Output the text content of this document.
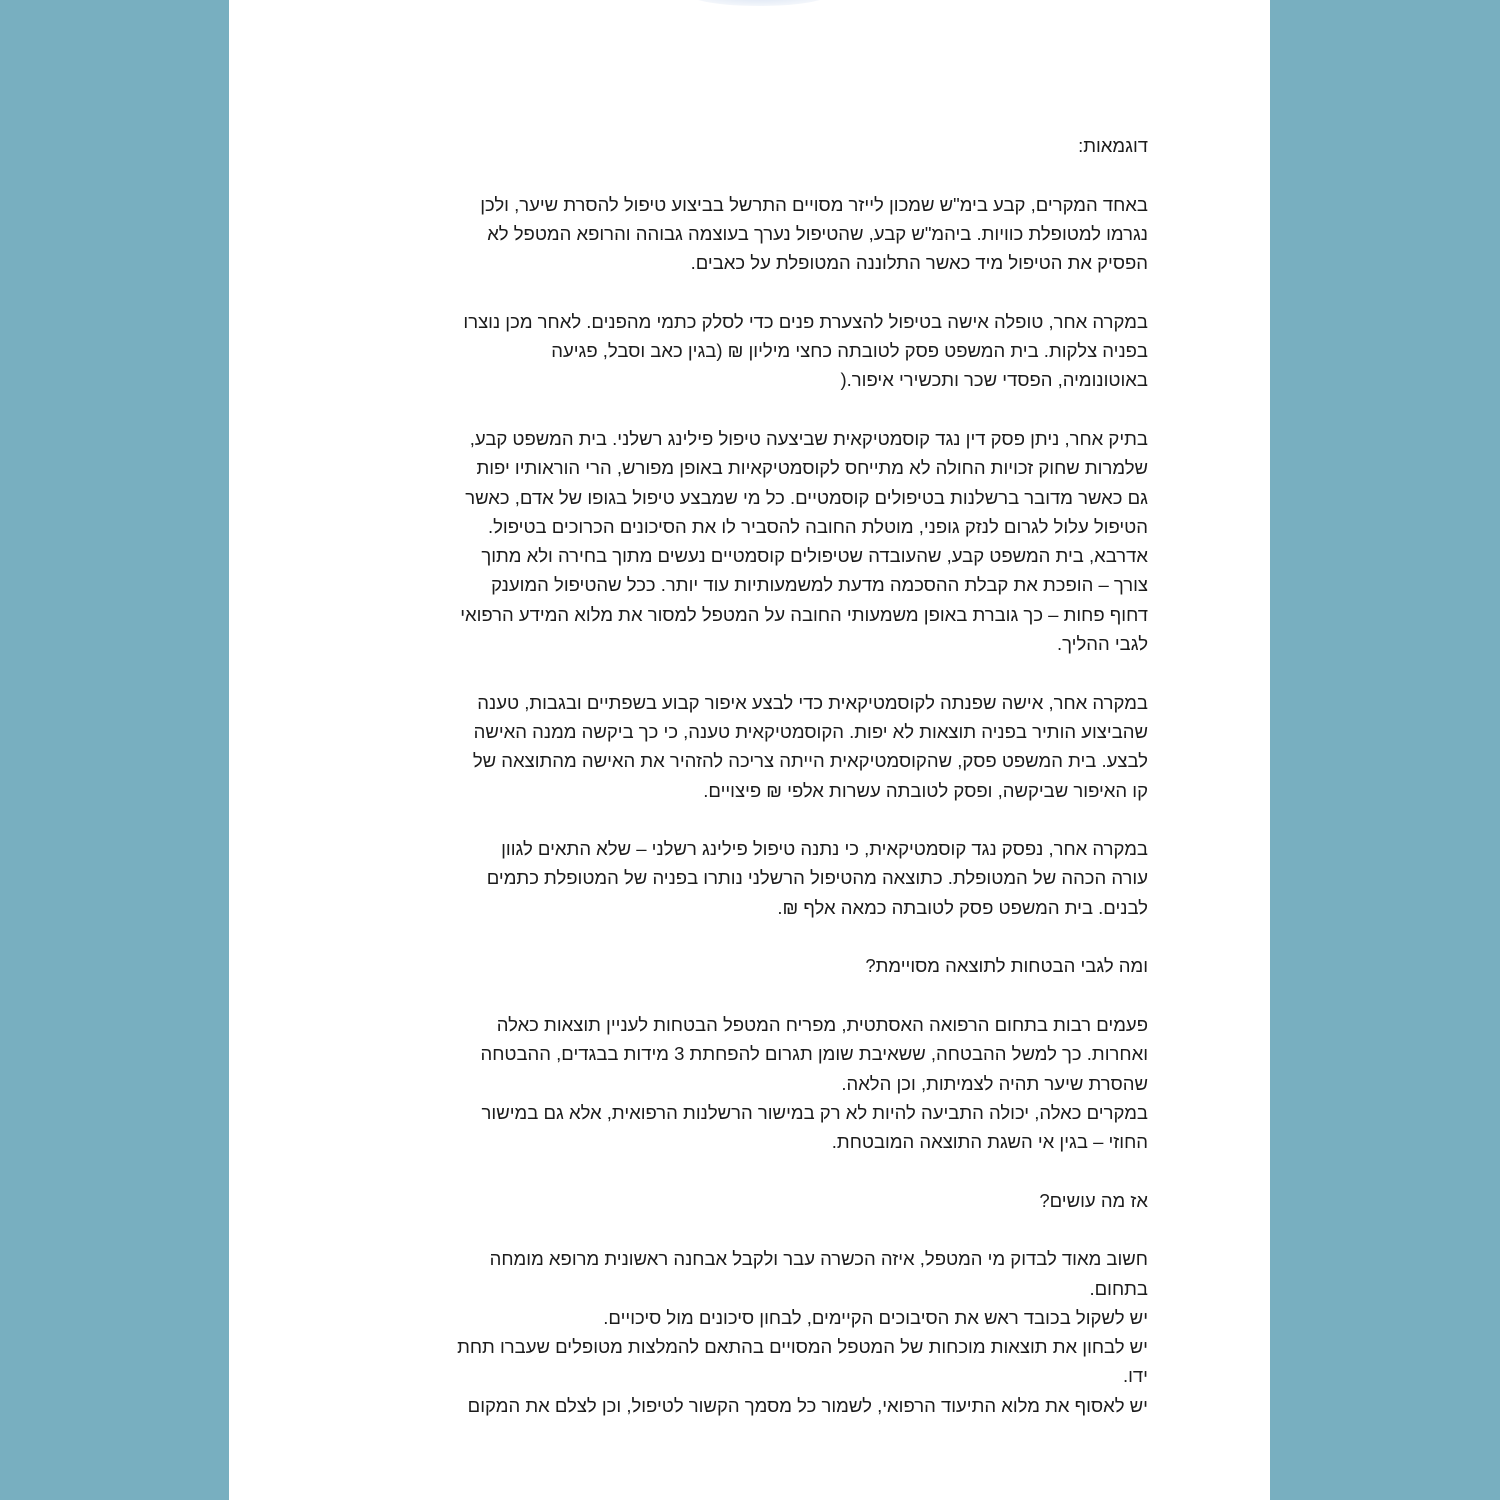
דוגמאות:

באחד המקרים, קבע בימ"ש שמכון לייזר מסויים התרשל בביצוע טיפול להסרת שיער, ולכן
נגרמו למטופלת כוויות. ביהמ"ש קבע, שהטיפול נערך בעוצמה גבוהה והרופא המטפל לא
הפסיק את הטיפול מיד כאשר התלוננה המטופלת על כאבים.

במקרה אחר, טופלה אישה בטיפול להצערת פנים כדי לסלק כתמי מהפנים. לאחר מכן נוצרו
בפניה צלקות. בית המשפט פסק לטובתה כחצי מיליון ₪ (בגין כאב וסבל, פגיעה
באוטונומיה, הפסדי שכר ותכשירי איפור.(

בתיק אחר, ניתן פסק דין נגד קוסמטיקאית שביצעה טיפול פילינג רשלני. בית המשפט קבע,
שלמרות שחוק זכויות החולה לא מתייחס לקוסמטיקאיות באופן מפורש, הרי הוראותיו יפות
גם כאשר מדובר ברשלנות בטיפולים קוסמטיים. כל מי שמבצע טיפול בגופו של אדם, כאשר
הטיפול עלול לגרום לנזק גופני, מוטלת החובה להסביר לו את הסיכונים הכרוכים בטיפול.
אדרבא, בית המשפט קבע, שהעובדה שטיפולים קוסמטיים נעשים מתוך בחירה ולא מתוך
צורך – הופכת את קבלת ההסכמה מדעת למשמעותיות עוד יותר. ככל שהטיפול המוענק
דחוף פחות – כך גוברת באופן משמעותי החובה על המטפל למסור את מלוא המידע הרפואי
לגבי ההליך.

במקרה אחר, אישה שפנתה לקוסמטיקאית כדי לבצע איפור קבוע בשפתיים ובגבות, טענה
שהביצוע הותיר בפניה תוצאות לא יפות. הקוסמטיקאית טענה, כי כך ביקשה ממנה האישה
לבצע. בית המשפט פסק, שהקוסמטיקאית הייתה צריכה להזהיר את האישה מהתוצאה של
קו האיפור שביקשה, ופסק לטובתה עשרות אלפי ₪ פיצויים.

במקרה אחר, נפסק נגד קוסמטיקאית, כי נתנה טיפול פילינג רשלני – שלא התאים לגוון
עורה הכהה של המטופלת. כתוצאה מהטיפול הרשלני נותרו בפניה של המטופלת כתמים
לבנים. בית המשפט פסק לטובתה כמאה אלף ₪.

ומה לגבי הבטחות לתוצאה מסויימת?

פעמים רבות בתחום הרפואה האסתטית, מפריח המטפל הבטחות לעניין תוצאות כאלה
ואחרות. כך למשל ההבטחה, ששאיבת שומן תגרום להפחתת 3 מידות בבגדים, ההבטחה
שהסרת שיער תהיה לצמיתות, וכן הלאה.
במקרים כאלה, יכולה התביעה להיות לא רק במישור הרשלנות הרפואית, אלא גם במישור
החוזי – בגין אי השגת התוצאה המובטחת.

אז מה עושים?

חשוב מאוד לבדוק מי המטפל, איזה הכשרה עבר ולקבל אבחנה ראשונית מרופא מומחה
בתחום.
יש לשקול בכובד ראש את הסיבוכים הקיימים, לבחון סיכונים מול סיכויים.
יש לבחון את תוצאות מוכחות של המטפל המסויים בהתאם להמלצות מטופלים שעברו תחת
ידו.
יש לאסוף את מלוא התיעוד הרפואי, לשמור כל מסמך הקשור לטיפול, וכן לצלם את המקום
